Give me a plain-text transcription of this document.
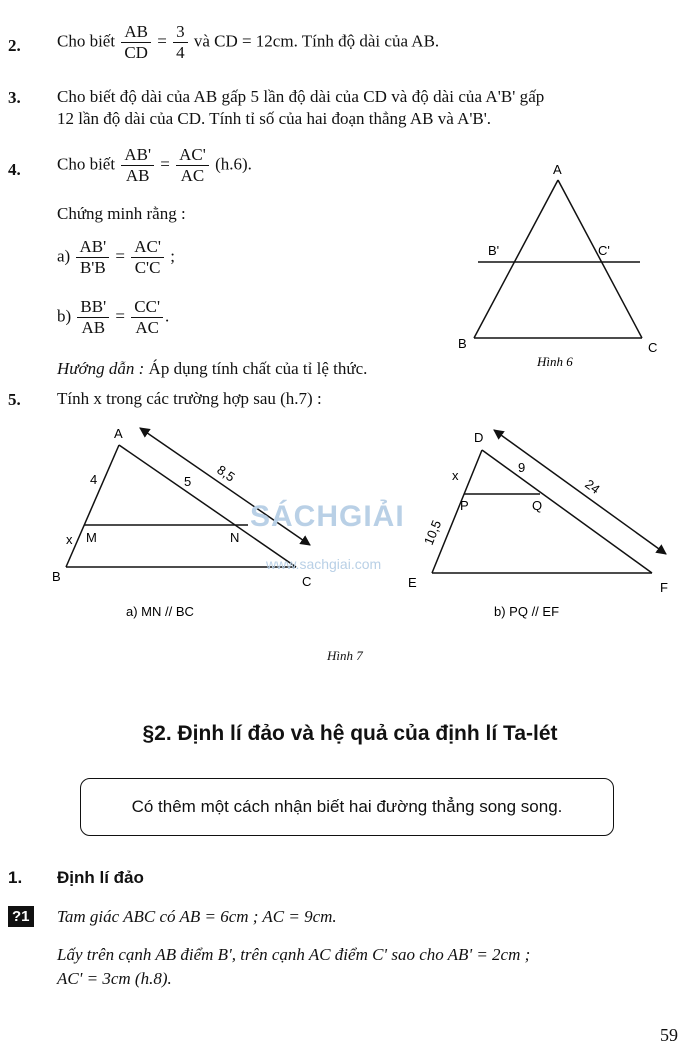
2. Cho biết $\frac{AB}{CD} = \frac{3}{4}$ và CD = 12cm. Tính độ dài của AB.
3. Cho biết độ dài của AB gấp 5 lần độ dài của CD và độ dài của A'B' gấp
12 lần độ dài của CD. Tính tỉ số của hai đoạn thẳng AB và A'B'.
4. Cho biết $\frac{AB'}{AB} = \frac{AC'}{AC} (h.6)$.
Chứng minh rằng :
$a) \frac{AB'}{B'B} = \frac{AC'}{C'C}$ ;
$b) \frac{BB'}{AB} = \frac{CC'}{AC}$ .
Hướng dẫn : Áp dụng tính chất của tỉ lệ thức.
A
B	C
B'	C'
Hình 6
5. Tính x trong các trường hợp sau (h.7) :
A
B	C
M	N
x
4	5 8,5
a) MN // BC
D
E	F
P	Q
x
9
24
10,5
b) PQ // EF
SÁCHGIẢI
www.sachgiai.com
Hình 7
§2. Định lí đảo và hệ quả của định lí Ta-lét
Có thêm một cách nhận biết hai đường thẳng song song.
1. Định lí đảo
?1 Tam giác ABC có AB = 6cm ; AC = 9cm.
Lấy trên cạnh AB điểm B', trên cạnh AC điểm C' sao cho AB' = 2cm ;
AC' = 3cm (h.8).
59
